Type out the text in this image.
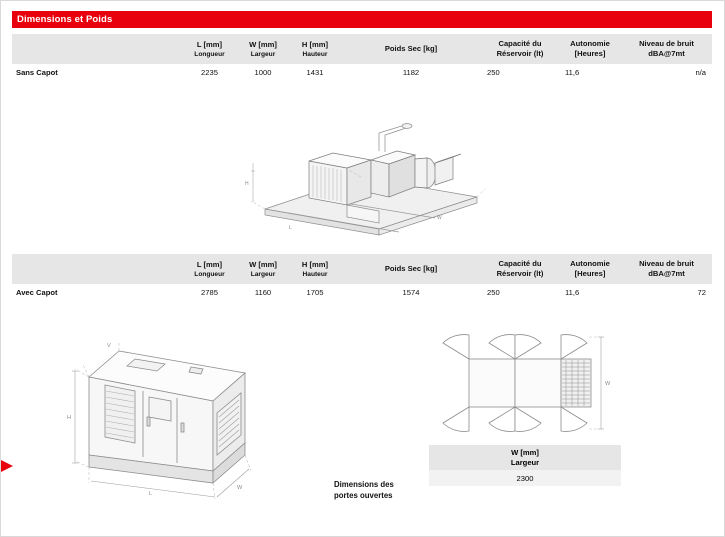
Dimensions et Poids

	L [mm]
Longueur	W [mm]
Largeur	H [mm]
Hauteur	Poids Sec [kg]	Capacité du
Réservoir (lt)	Autonomie
[Heures]	Niveau de bruit
dBA@7mt

Sans Capot	2235	1000	1431	1182	250	11,6	n/a
H
L
W

	L [mm]
Longueur	W [mm]
Largeur	H [mm]
Hauteur	Poids Sec [kg]	Capacité du
Réservoir (lt)	Autonomie
[Heures]	Niveau de bruit
dBA@7mt

Avec Capot	2785	1160	1705	1574	250	11,6	72
H
L
W
V
W
Dimensions des
portes ouvertes
W [mm]
Largeur

2300
